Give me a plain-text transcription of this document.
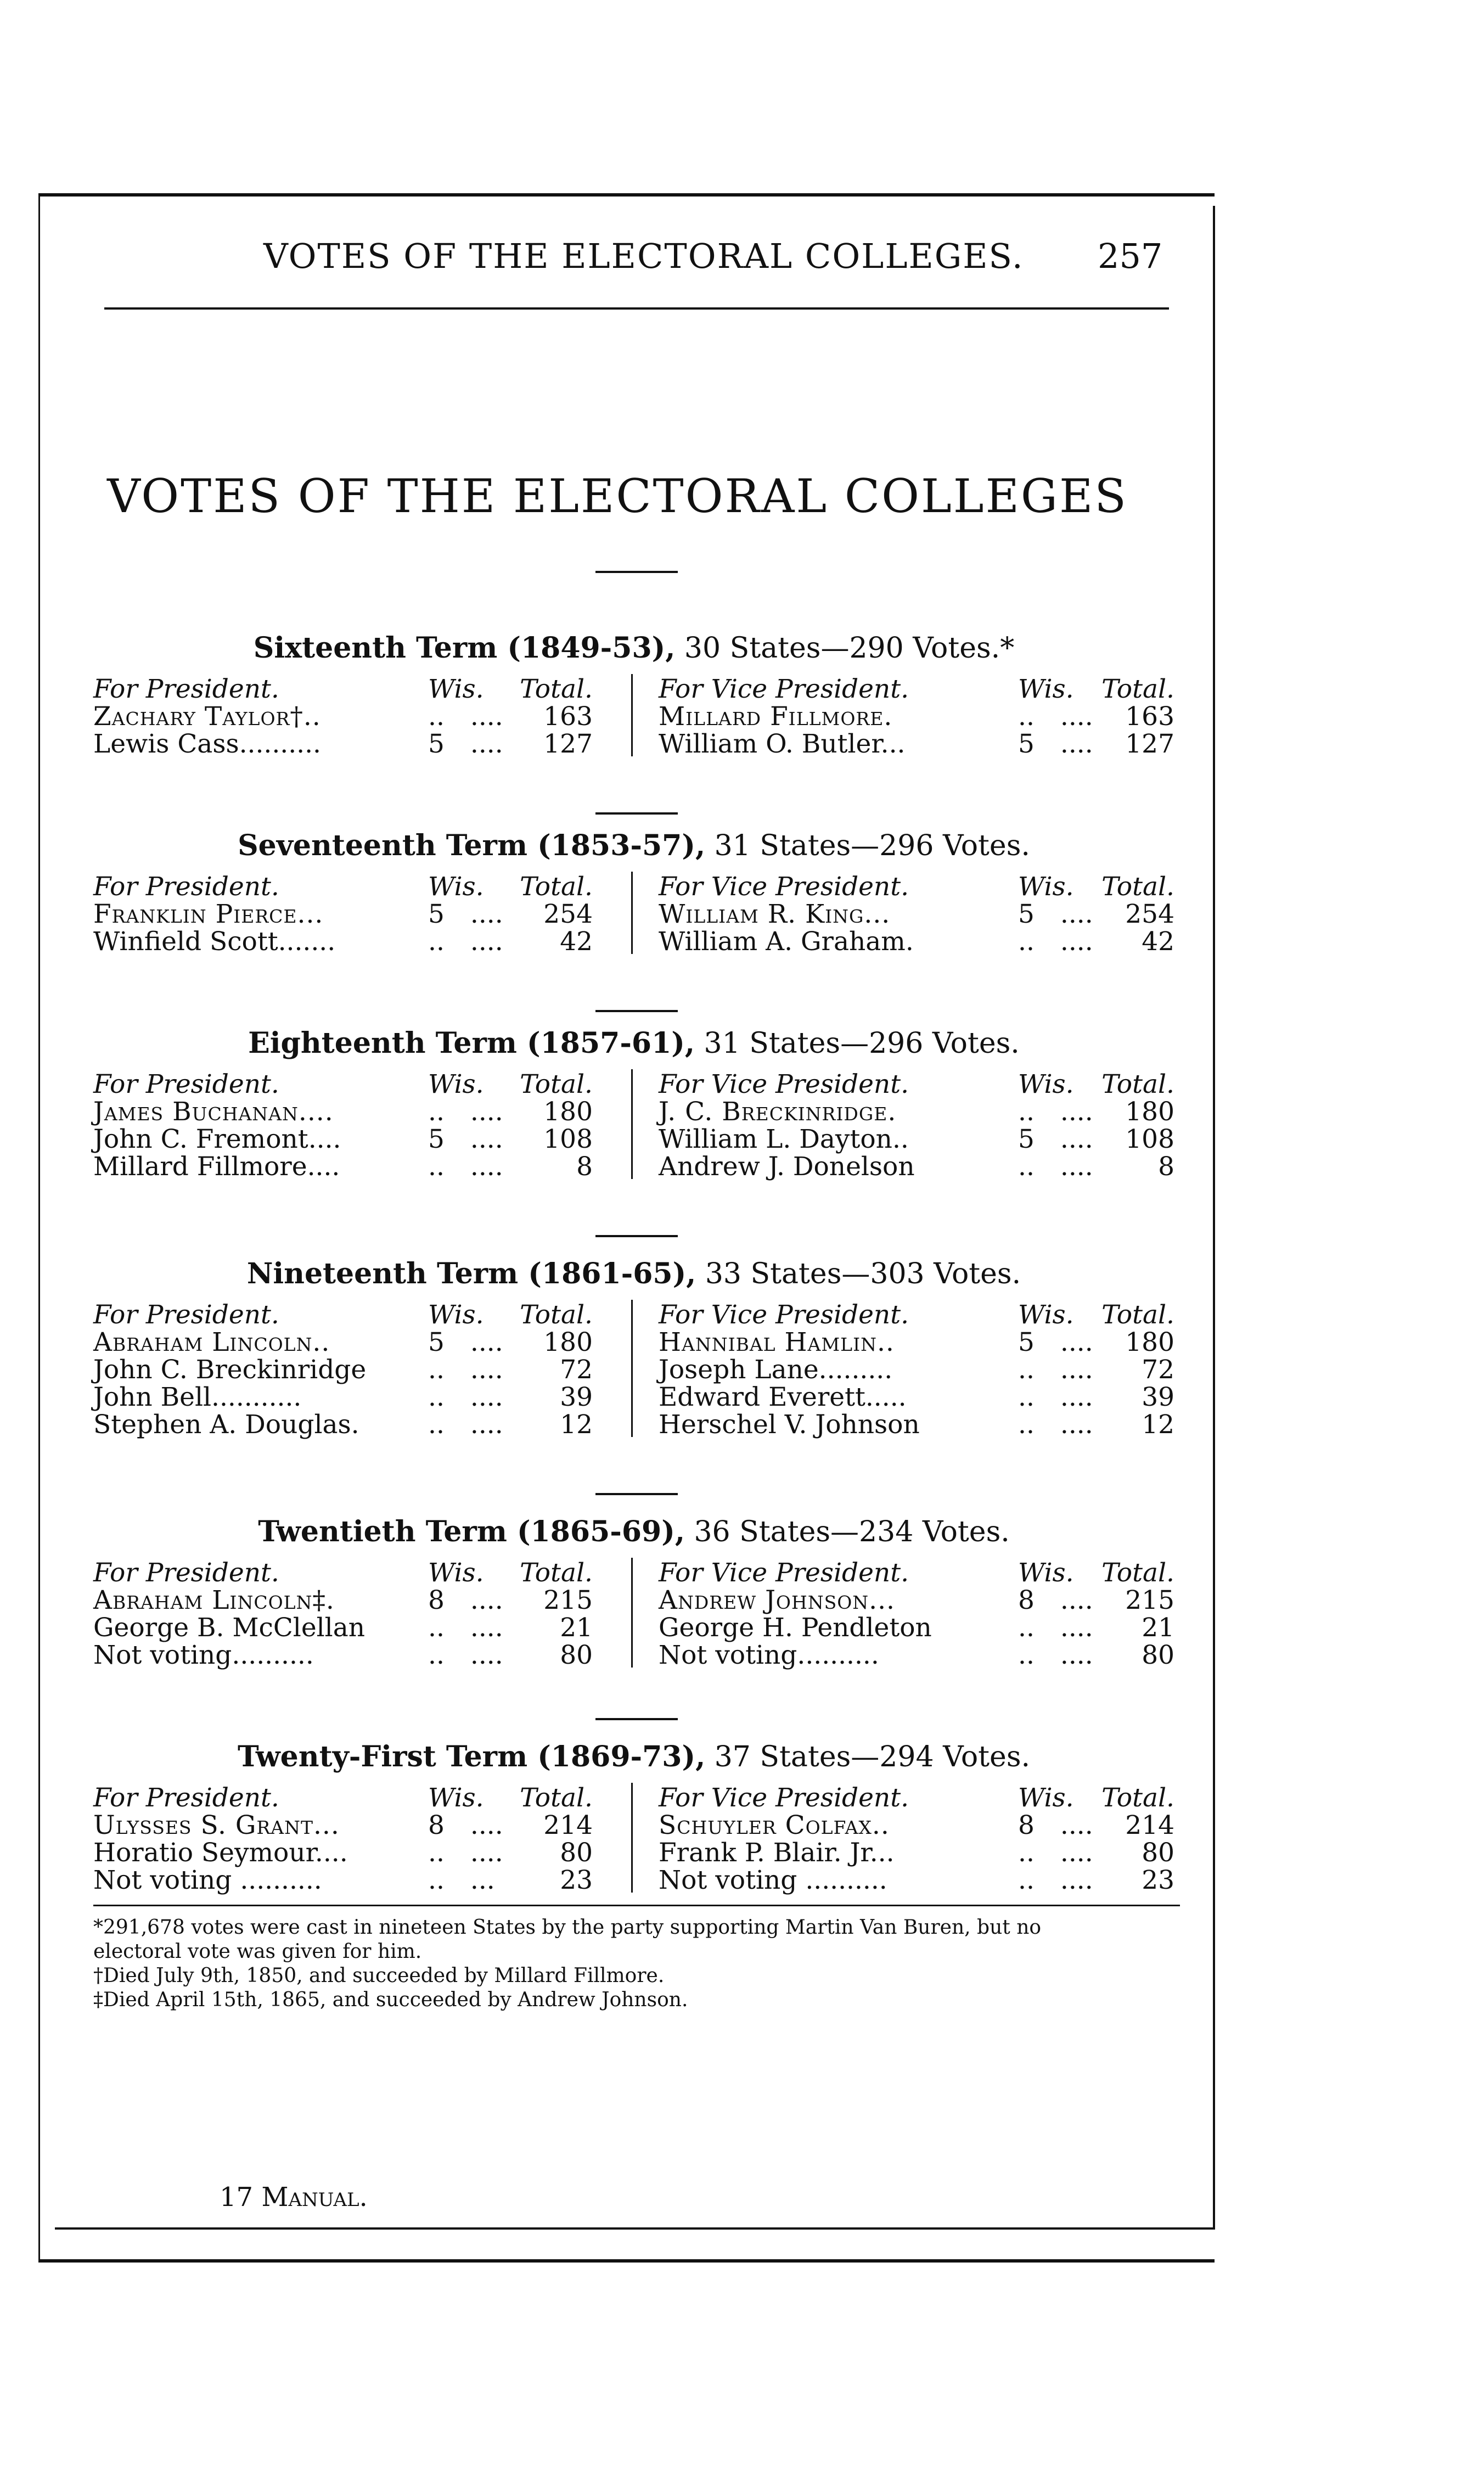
VOTES OF THE ELECTORAL COLLEGES. 257
VOTES OF THE ELECTORAL COLLEGES
Sixteenth Term (1849-53), 30 States—290 Votes.*
For President.	Wis. Total.
Zachary Taylor†..	..  .... 163
Lewis Cass..........	5  .... 127
For Vice President.	Wis. Total.
Millard Fillmore.	..  .... 163
William O. Butler...	5  .... 127
Seventeenth Term (1853-57), 31 States—296 Votes.
For President.	Wis. Total.
Franklin Pierce...	5  .... 254
Winfield Scott.......	..  .... 42
For Vice President.	Wis. Total.
William R. King...	5  .... 254
William A. Graham.	..  .... 42
Eighteenth Term (1857-61), 31 States—296 Votes.
For President.	Wis. Total.
James Buchanan....	..  .... 180
John C. Fremont....	5  .... 108
Millard Fillmore....	..  ....	8
For Vice President.	Wis. Total.
J. C. Breckinridge.	..  .... 180
William L. Dayton..	5  .... 108
Andrew J. Donelson	..  ....	8
Nineteenth Term (1861-65), 33 States—303 Votes.
For President.	Wis. Total.
Abraham Lincoln..	5  .... 180
John C. Breckinridge ..  .... 72
John Bell...........	..  .... 39
Stephen A. Douglas.	..  .... 12
For Vice President.	Wis. Total.
Hannibal Hamlin..	5  .... 180
Joseph Lane.........	..  .... 72
Edward Everett.....	..  .... 39
Herschel V. Johnson	..  .... 12
Twentieth Term (1865-69), 36 States—234 Votes.
For President.	Wis. Total.
Abraham Lincoln‡.	8  .... 215
George B. McClellan ..  .... 21
Not voting..........	..  .... 80
For Vice President.	Wis. Total.
Andrew Johnson...	8  .... 215
George H. Pendleton	..  .... 21
Not voting..........	..  .... 80
Twenty-First Term (1869-73), 37 States—294 Votes.
For President.	Wis. Total.
Ulysses S. Grant...	8  .... 214
Horatio Seymour....	..  .... 80
Not voting ..........	..  ...	23
For Vice President.	Wis. Total.
Schuyler Colfax..	8  .... 214
Frank P. Blair. Jr...	..  .... 80
Not voting ..........	..  .... 23
*291,678 votes were cast in nineteen States by the party supporting Martin Van Buren, but no
electoral vote was given for him.
†Died July 9th, 1850, and succeeded by Millard Fillmore.
‡Died April 15th, 1865, and succeeded by Andrew Johnson.
17 Manual.
